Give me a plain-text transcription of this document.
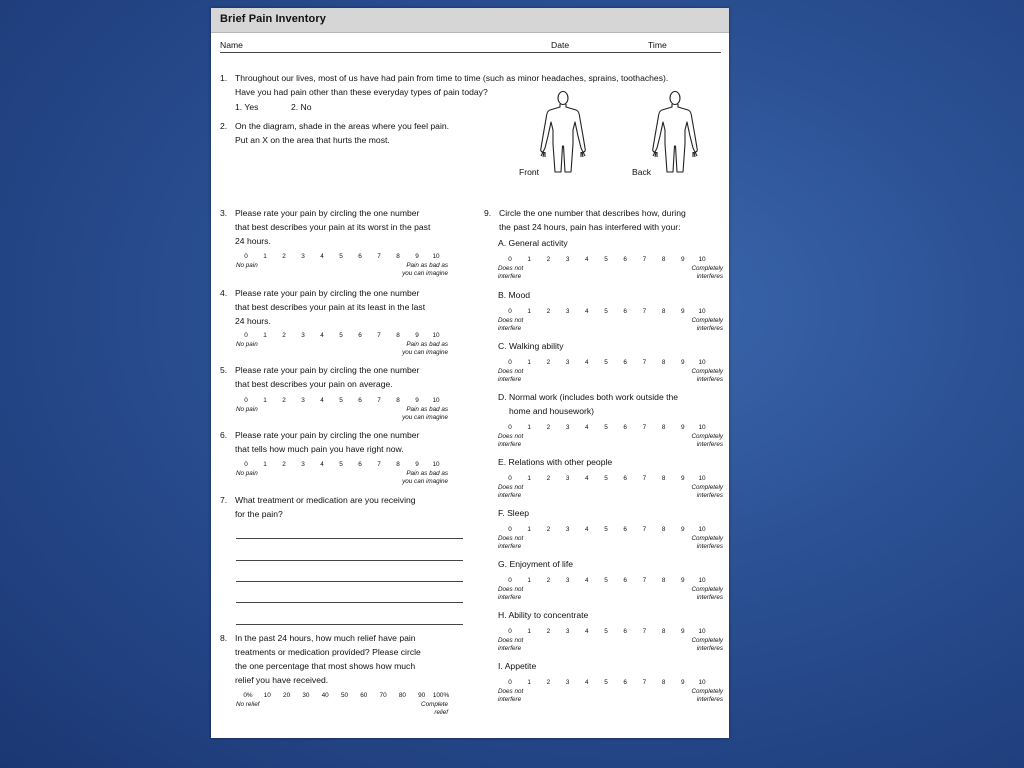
Brief Pain Inventory
Name	Date	Time
1. Throughout our lives, most of us have had pain from time to time (such as minor headaches, sprains, toothaches).
Have you had pain other than these everyday types of pain today?
1. Yes	2. No
2. On the diagram, shade in the areas where you feel pain.
Put an X on the area that hurts the most.
Front	Back
3. Please rate your pain by circling the one number
that best describes your pain at its worst in the past
24 hours.
0 1 2 3 4 5 6 7 8 9 10
No pain	Pain as bad as
you can imagine
4. Please rate your pain by circling the one number
that best describes your pain at its least in the last
24 hours.
0 1 2 3 4 5 6 7 8 9 10
No pain	Pain as bad as
you can imagine
5. Please rate your pain by circling the one number
that best describes your pain on average.
0 1 2 3 4 5 6 7 8 9 10
No pain	Pain as bad as
you can imagine
6. Please rate your pain by circling the one number
that tells how much pain you have right now.
0 1 2 3 4 5 6 7 8 9 10
No pain	Pain as bad as
you can imagine
7. What treatment or medication are you receiving
for the pain?
8. In the past 24 hours, how much relief have pain
treatments or medication provided? Please circle
the one percentage that most shows how much
relief you have received.
0% 10 20 30 40 50 60 70 80 90 100%
No relief	Complete
relief
9. Circle the one number that describes how, during
the past 24 hours, pain has interfered with your:
A. General activity
0 1 2 3 4 5 6 7 8 9 10
Does not
interfere
Completely
interferes
B. Mood
0 1 2 3 4 5 6 7 8 9 10
Does not
interfere
Completely
interferes
C. Walking ability
0 1 2 3 4 5 6 7 8 9 10
Does not
interfere
Completely
interferes
D. Normal work (includes both work outside the
home and housework)
0 1 2 3 4 5 6 7 8 9 10
Does not
interfere
Completely
interferes
E. Relations with other people
0 1 2 3 4 5 6 7 8 9 10
Does not
interfere
Completely
interferes
F. Sleep
0 1 2 3 4 5 6 7 8 9 10
Does not
interfere
Completely
interferes
G. Enjoyment of life
0 1 2 3 4 5 6 7 8 9 10
Does not
interfere
Completely
interferes
H. Ability to concentrate
0 1 2 3 4 5 6 7 8 9 10
Does not
interfere
Completely
interferes
I. Appetite
0 1 2 3 4 5 6 7 8 9 10
Does not
interfere
Completely
interferes
